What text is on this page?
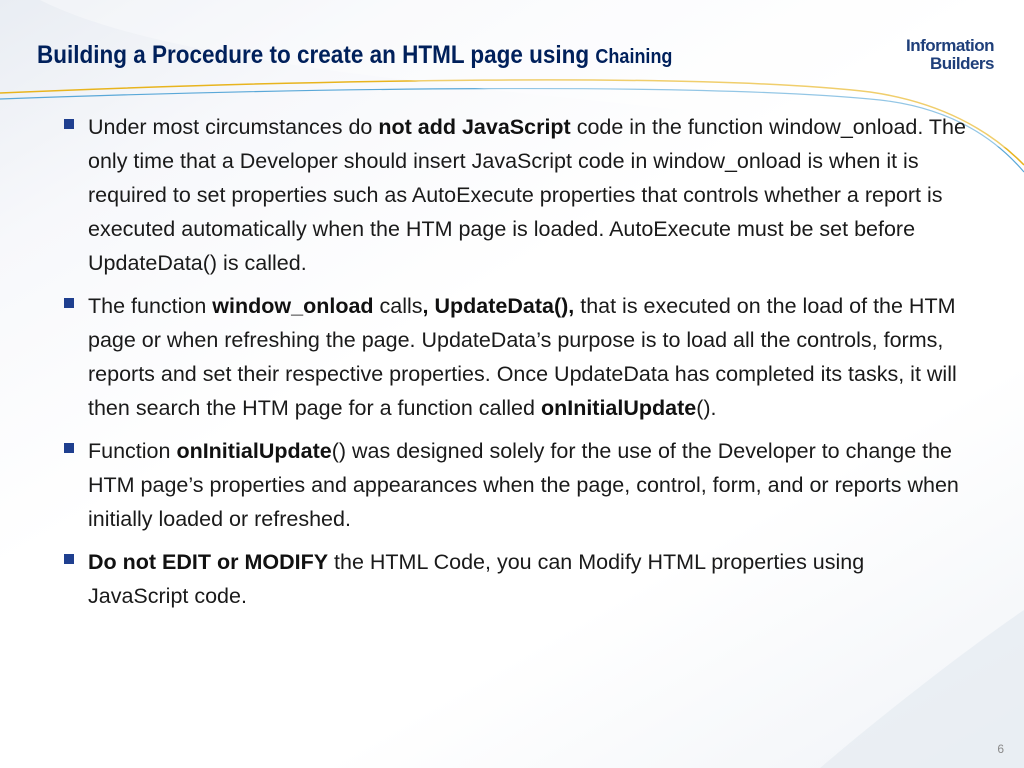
Building a Procedure to create an HTML page using Chaining
Information
Builders
Under most circumstances do not add JavaScript code in the function window_onload. The only time that a Developer should insert JavaScript code in window_onload is when it is required to set properties such as AutoExecute properties that controls whether a report is executed automatically when the HTM page is loaded. AutoExecute must be set before UpdateData() is called.
The function window_onload calls, UpdateData(), that is executed on the load of the HTM page or when refreshing the page. UpdateData’s purpose is to load all the controls, forms, reports and set their respective properties. Once UpdateData has completed its tasks, it will then search the HTM page for a function called onInitialUpdate().
Function onInitialUpdate() was designed solely for the use of the Developer to change the HTM page’s properties and appearances when the page, control, form, and or reports when initially loaded or refreshed.
Do not EDIT or MODIFY the HTML Code, you can Modify HTML properties using JavaScript code.
6
